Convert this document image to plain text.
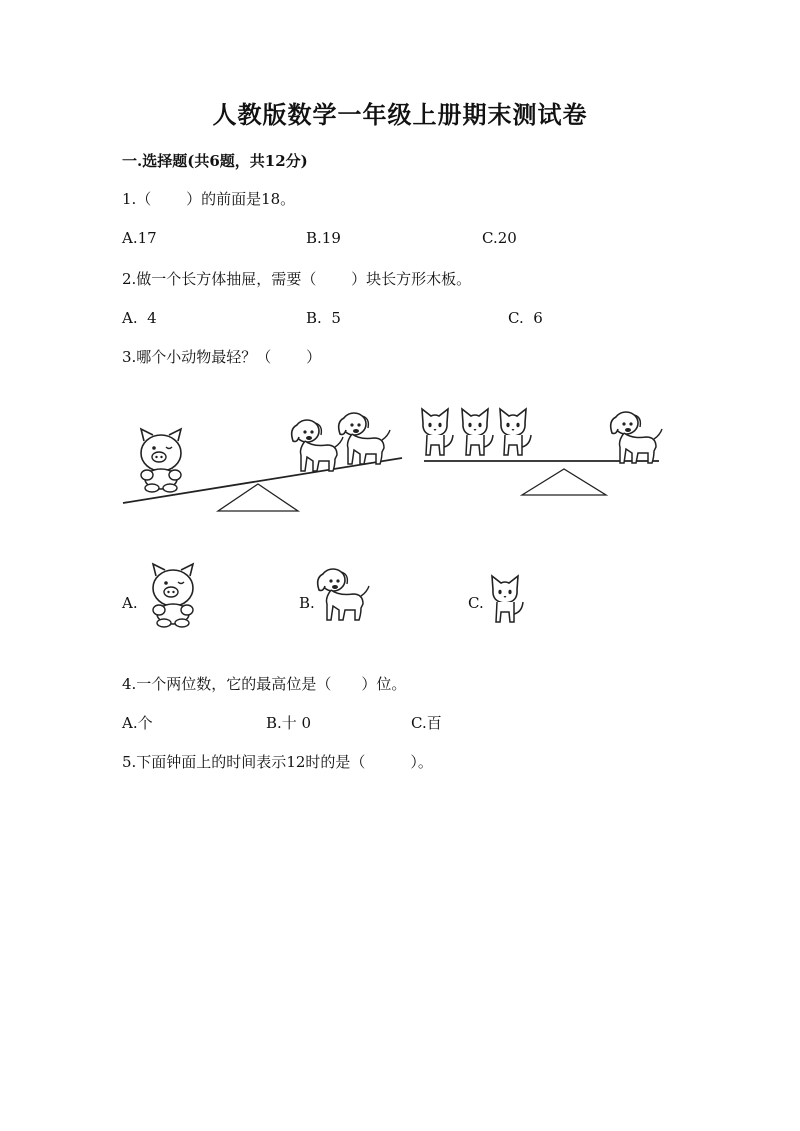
人教版数学一年级上册期末测试卷
一.选择题(共6题，共12分)
1.（　　 ）的前面是18。
A.17	B.19	C.20
2.做一个长方体抽屉，需要（　　 ）块长方形木板。
A.  4	B.  5	C.  6
3.哪个小动物最轻？（　　 ）
A.	B.	C.
4.一个两位数，它的最高位是（　　）位。
A.个	B.十 0	C.百
5.下面钟面上的时间表示12时的是（　　　）。
